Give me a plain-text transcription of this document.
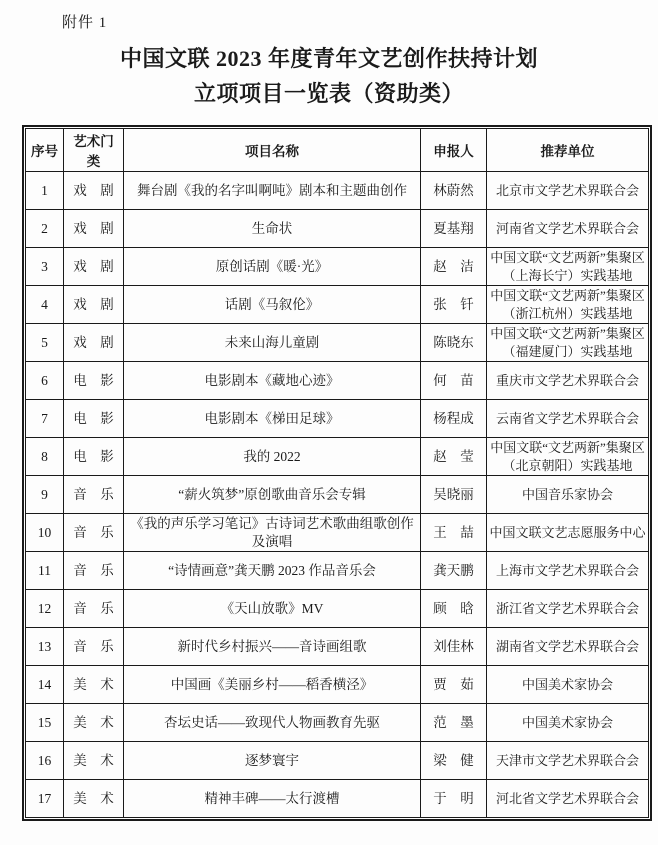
附件 1
中国文联 2023 年度青年文艺创作扶持计划
立项项目一览表（资助类）
序号	艺术门类	项目名称	申报人	推荐单位
1	戏　剧	舞台剧《我的名字叫啊吨》剧本和主题曲创作	林蔚然	北京市文学艺术界联合会
2	戏　剧	生命状	夏基翔	河南省文学艺术界联合会
3	戏　剧	原创话剧《暖·光》	赵　洁	中国文联“文艺两新”集聚区（上海长宁）实践基地
4	戏　剧	话剧《马叙伦》	张　钎	中国文联“文艺两新”集聚区（浙江杭州）实践基地
5	戏　剧	未来山海儿童剧	陈晓东	中国文联“文艺两新”集聚区（福建厦门）实践基地
6	电　影	电影剧本《藏地心迹》	何　苗	重庆市文学艺术界联合会
7	电　影	电影剧本《梯田足球》	杨程成	云南省文学艺术界联合会
8	电　影	我的 2022	赵　莹	中国文联“文艺两新”集聚区（北京朝阳）实践基地
9	音　乐	“薪火筑梦”原创歌曲音乐会专辑	吴晓丽	中国音乐家协会
10	音　乐	《我的声乐学习笔记》古诗词艺术歌曲组歌创作及演唱	王　喆	中国文联文艺志愿服务中心
11	音　乐	“诗情画意”龚天鹏 2023 作品音乐会	龚天鹏	上海市文学艺术界联合会
12	音　乐	《天山放歌》MV	顾　晗	浙江省文学艺术界联合会
13	音　乐	新时代乡村振兴——音诗画组歌	刘佳林	湖南省文学艺术界联合会
14	美　术	中国画《美丽乡村——稻香横泾》	贾　茹	中国美术家协会
15	美　术	杏坛史话——致现代人物画教育先驱	范　墨	中国美术家协会
16	美　术	逐梦寰宇	梁　健	天津市文学艺术界联合会
17	美　术	精神丰碑——太行渡槽	于　明	河北省文学艺术界联合会
